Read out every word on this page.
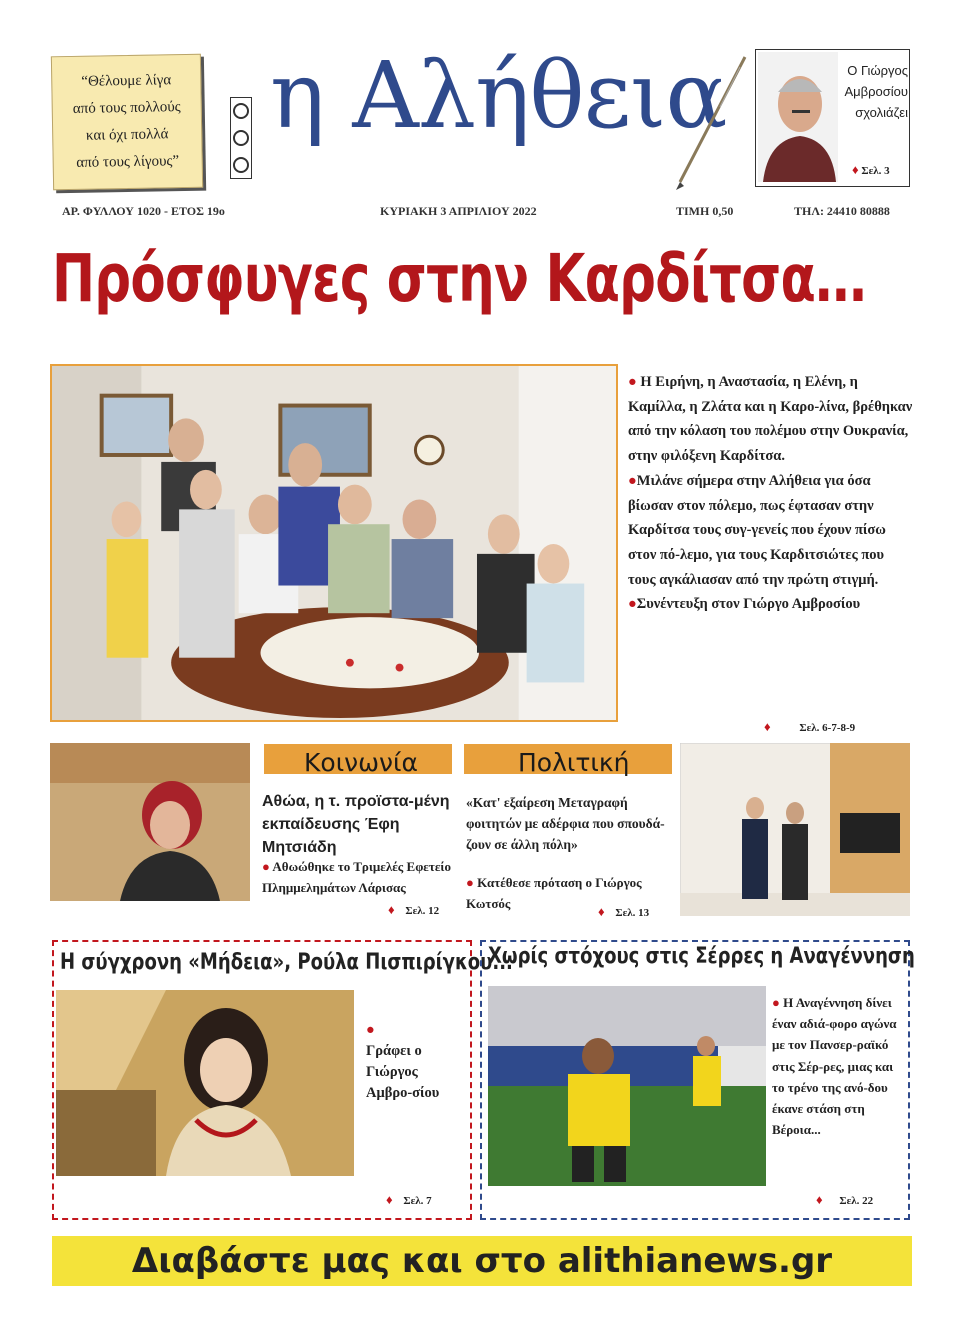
“Θέλουμε λίγα
από τους πολλούς
και όχι πολλά
από τους λίγους”

η Αλήθεια	Ο Γιώργος
Αμβροσίου
σχολιάζει
♦ Σελ. 3
ΑΡ. ΦΥΛΛΟΥ 1020 - ΕΤΟΣ 19ο	ΚΥΡΙΑΚΗ 3 ΑΠΡΙΛΙΟΥ 2022	ΤΙΜΗ 0,50	ΤΗΛ: 24410 80888
Πρόσφυγες στην Καρδίτσα…

● Η Ειρήνη, η Αναστασία, η Ελένη, η Καμίλλα, η Ζλάτα και η Καρο-λίνα, βρέθηκαν από την κόλαση του πολέμου στην Ουκρανία, στην φιλόξενη Καρδίτσα.

●Μιλάνε σήμερα στην Αλήθεια για όσα βίωσαν στον πόλεμο, πως έφτασαν στην Καρδίτσα τους συγ-γενείς που έχουν πίσω στον πό-λεμο, για τους Καρδιτσιώτες που τους αγκάλιασαν από την πρώτη στιγμή.

●Συνέντευξη στον Γιώργο Αμβροσίου

♦	Σελ. 6-7-8-9
Κοινωνία
Αθώα, η τ. προϊστα-μένη εκπαίδευσης Έφη Μητσιάδη
● Αθωώθηκε το Τριμελές Εφετείο Πλημμελημάτων Λάρισας
♦ Σελ. 12
Πολιτική
«Κατ' εξαίρεση Μεταγραφή φοιτητών με αδέρφια που σπουδά-ζουν σε άλλη πόλη»
● Κατέθεσε πρόταση ο Γιώργος Κωτσός
♦ Σελ. 13
Η σύγχρονη «Μήδεια», Ρούλα Πισπιρίγκου...
●
Γράφει ο Γιώργος Αμβρο-σίου
♦ Σελ. 7
Χωρίς στόχους στις Σέρρες η Αναγέννηση
● Η Αναγέννηση δίνει έναν αδιά-φορο αγώνα με τον Πανσερ-ραϊκό στις Σέρ-ρες, μιας και το τρένο της ανό-δου έκανε στάση στη Βέροια...
♦ Σελ. 22
Διαβάστε μας και στο alithianews.gr
